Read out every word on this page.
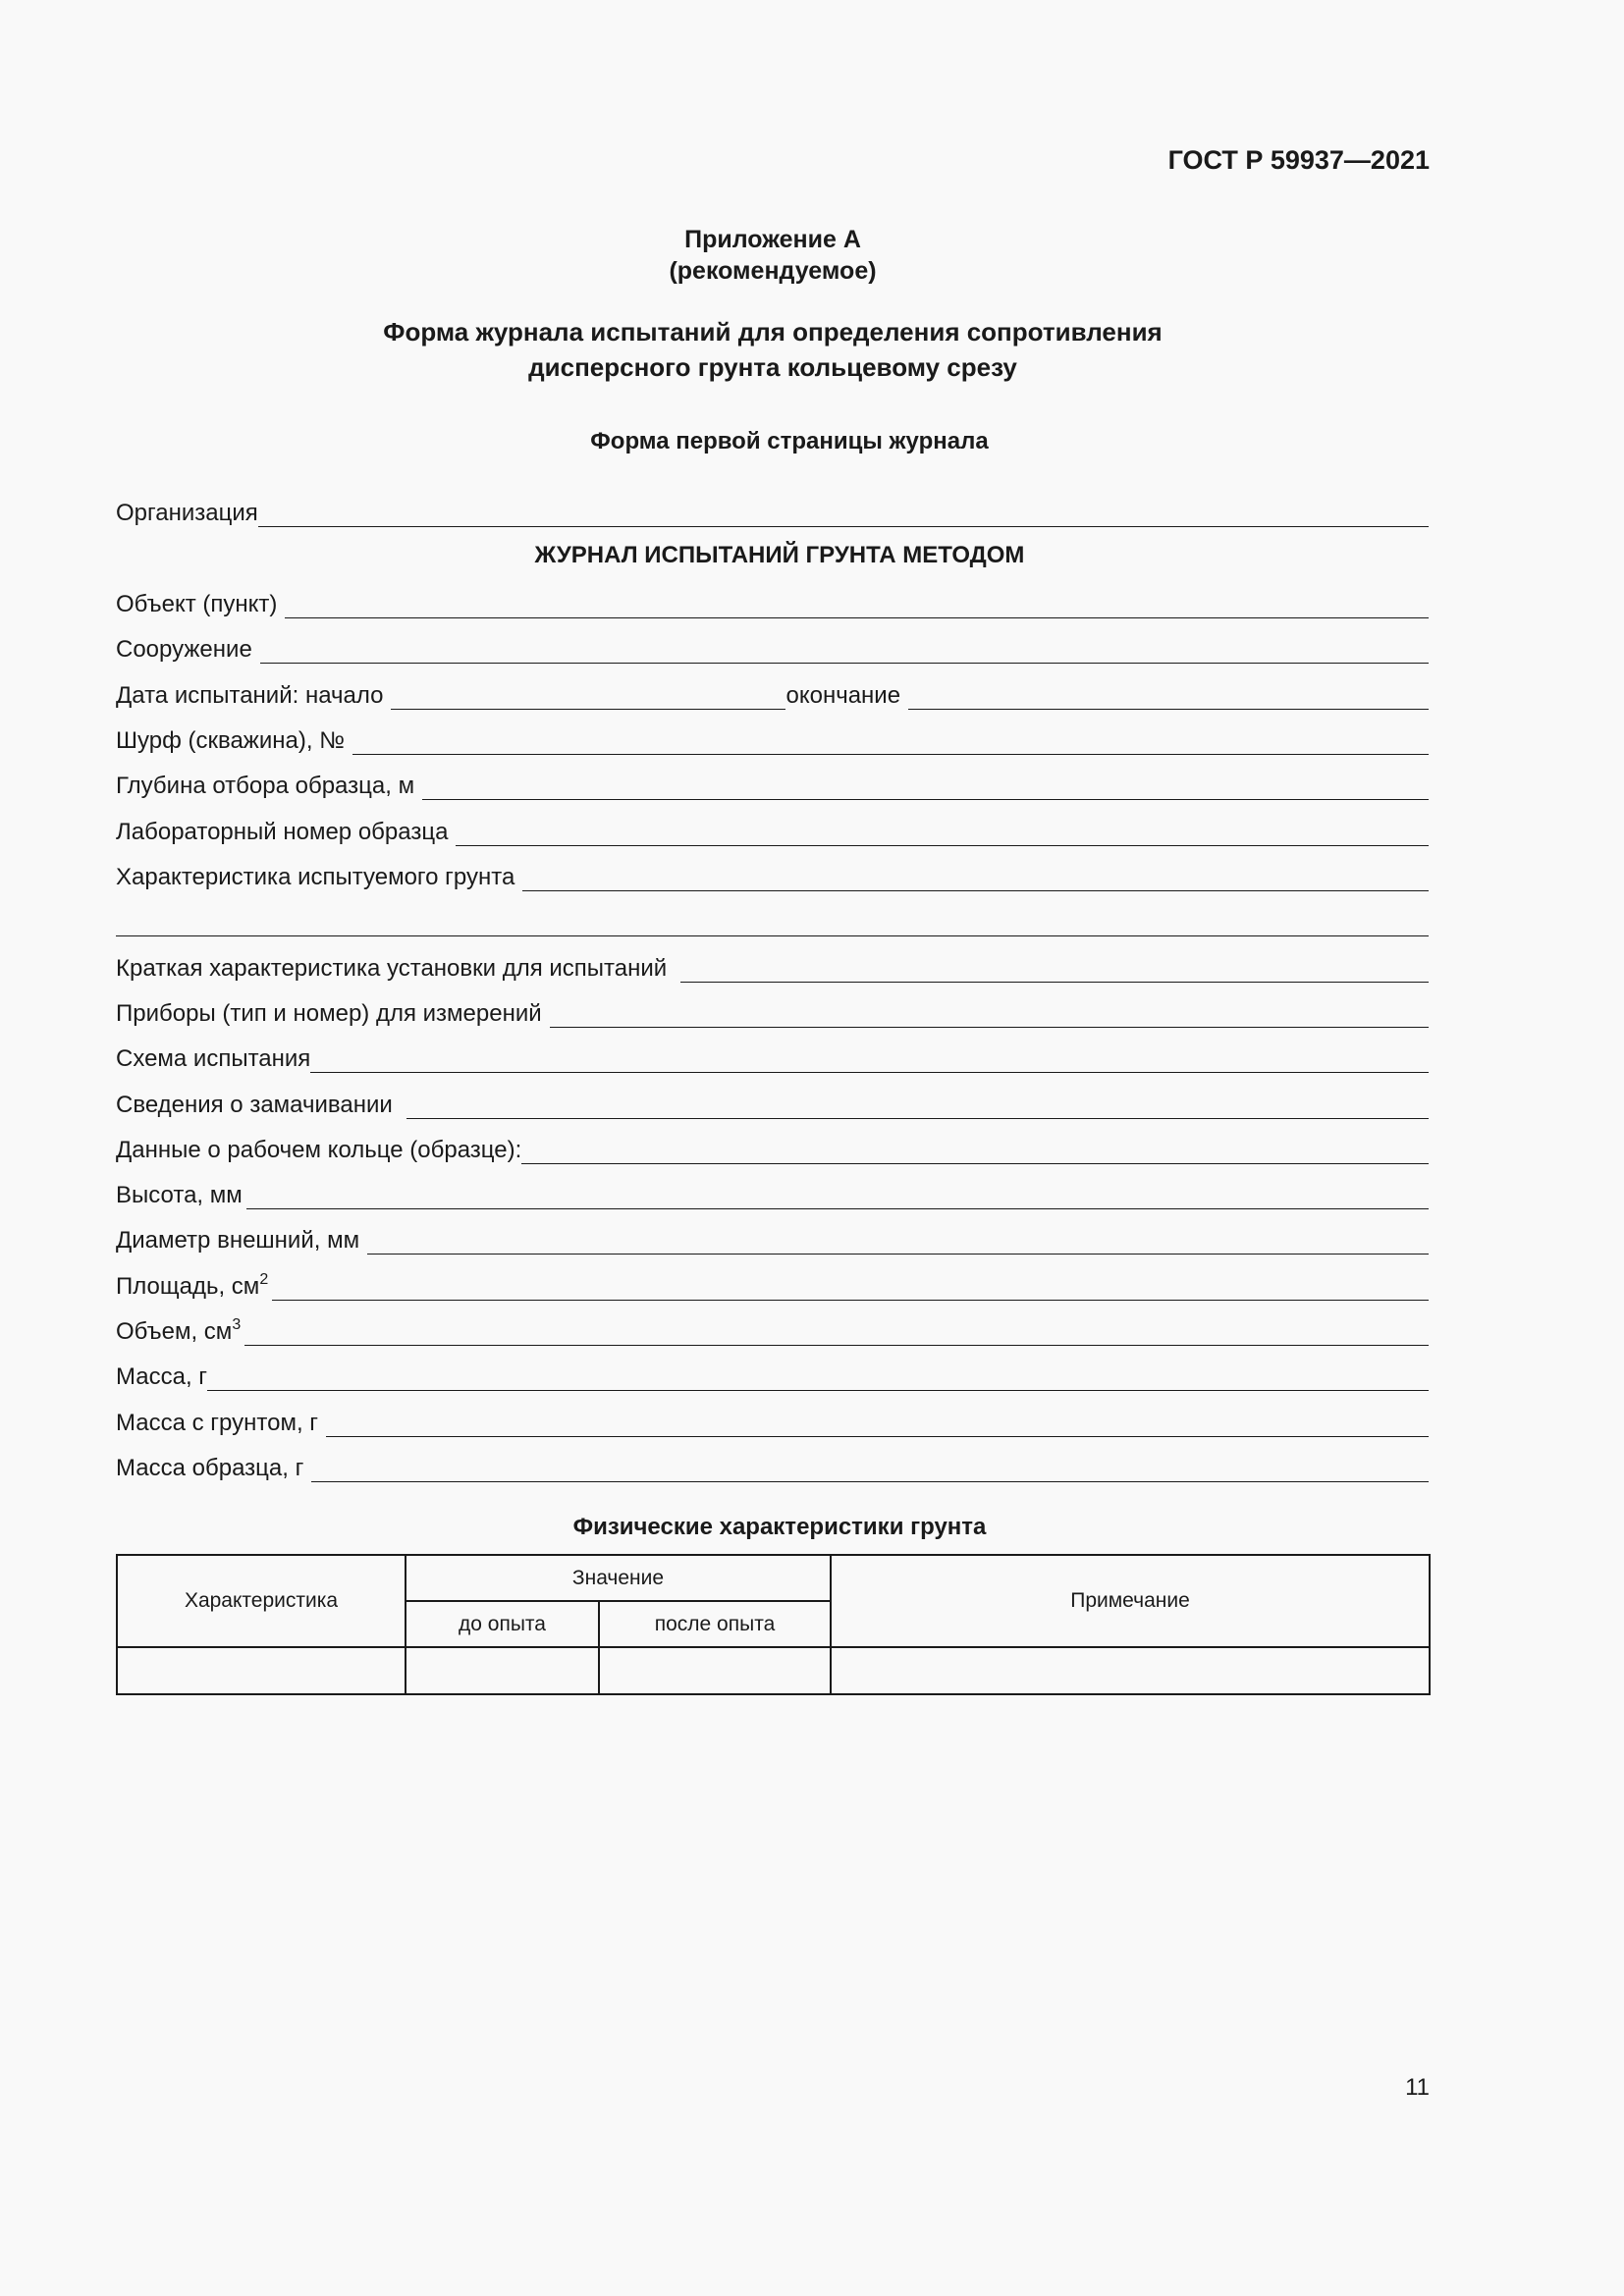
ГОСТ Р 59937—2021
Приложение А
(рекомендуемое)
Форма журнала испытаний для определения сопротивления
дисперсного грунта кольцевому срезу
Форма первой страницы журнала
Организация
ЖУРНАЛ ИСПЫТАНИЙ ГРУНТА МЕТОДОМ
Объект (пункт)
Сооружение
Дата испытаний: начало	окончание
Шурф (скважина), №
Глубина отбора образца, м
Лабораторный номер образца
Характеристика испытуемого грунта
Краткая характеристика установки для испытаний
Приборы (тип и номер) для измерений
Схема испытания
Сведения о замачивании
Данные о рабочем кольце (образце):
Высота, мм
Диаметр внешний, мм
Площадь, $см^2$
Объем, $см^3$
Масса, г
Масса с грунтом, г
Масса образца, г
Физические характеристики грунта
Характеристика	Значение		Примечание
	до опыта	после опыта	

11
